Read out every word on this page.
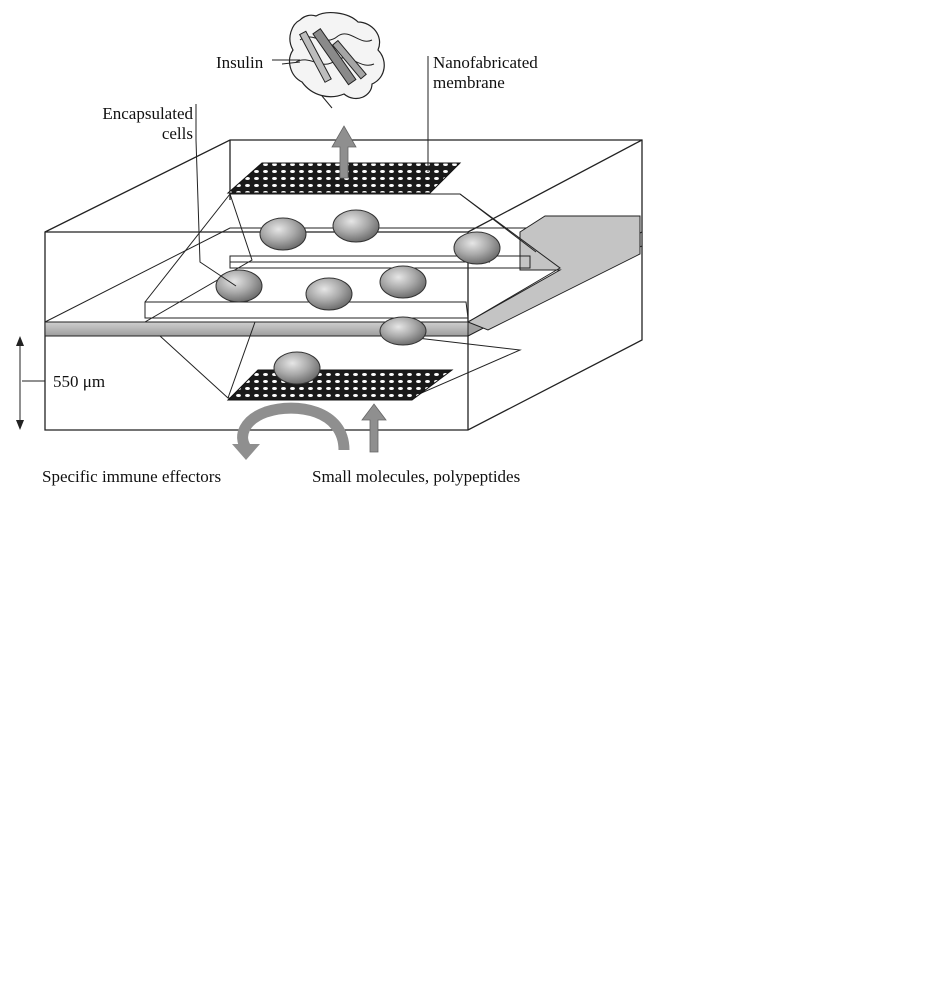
Insulin	Nanofabricated
membrane
Encapsulated
cells
550 μm
Specific immune effectors	Small molecules, polypeptides
